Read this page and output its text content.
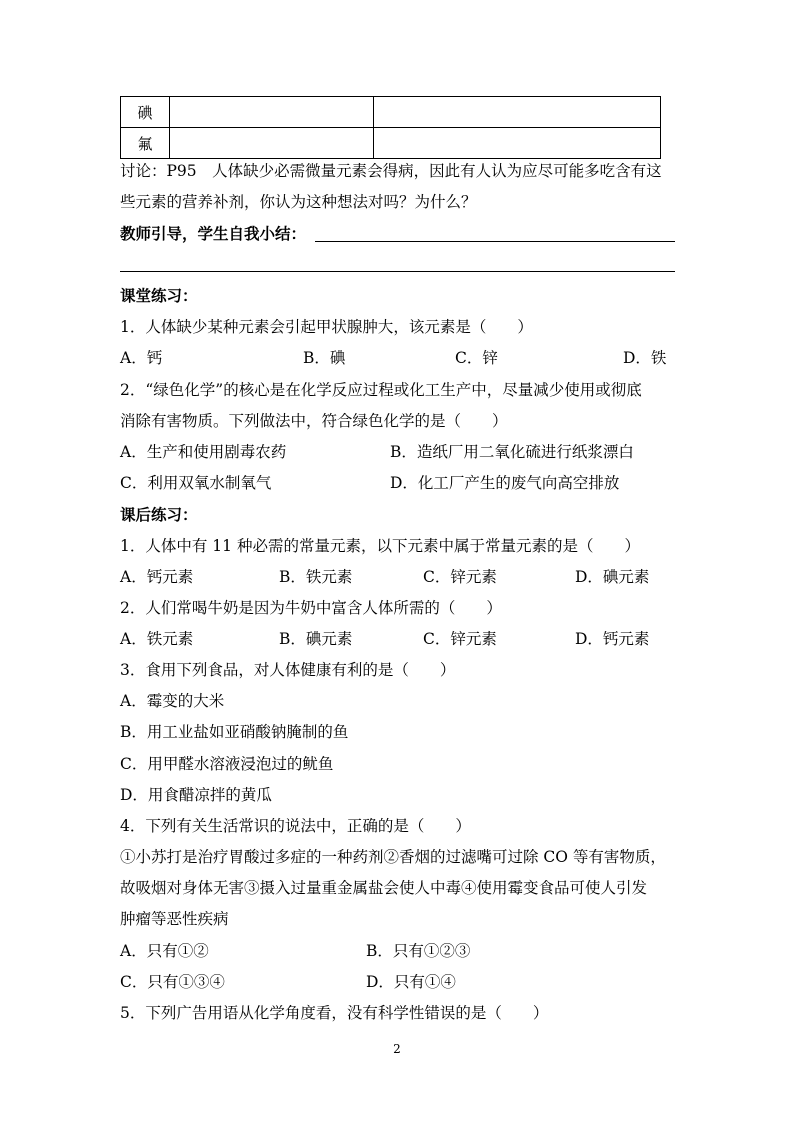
碘		
氟		
讨论：P95　人体缺少必需微量元素会得病，因此有人认为应尽可能多吃含有这
些元素的营养补剂，你认为这种想法对吗？为什么？
教师引导，学生自我小结：
课堂练习：
1．人体缺少某种元素会引起甲状腺肿大，该元素是（　　）
A．钙	B．碘	C．锌	D．铁
2．“绿色化学”的核心是在化学反应过程或化工生产中，尽量减少使用或彻底
消除有害物质。下列做法中，符合绿色化学的是（　　）
A．生产和使用剧毒农药	B．造纸厂用二氧化硫进行纸浆漂白
C．利用双氧水制氧气	D．化工厂产生的废气向高空排放
课后练习：
1．人体中有 11 种必需的常量元素，以下元素中属于常量元素的是（　　）
A．钙元素	B．铁元素	C．锌元素	D．碘元素
2．人们常喝牛奶是因为牛奶中富含人体所需的（　　）
A．铁元素	B．碘元素	C．锌元素	D．钙元素
3．食用下列食品，对人体健康有利的是（　　）
A．霉变的大米
B．用工业盐如亚硝酸钠腌制的鱼
C．用甲醛水溶液浸泡过的鱿鱼
D．用食醋凉拌的黄瓜
4．下列有关生活常识的说法中，正确的是（　　）
①小苏打是治疗胃酸过多症的一种药剂②香烟的过滤嘴可过除 CO 等有害物质，
故吸烟对身体无害③摄入过量重金属盐会使人中毒④使用霉变食品可使人引发
肿瘤等恶性疾病
A．只有①②	B．只有①②③
C．只有①③④	D．只有①④
5．下列广告用语从化学角度看，没有科学性错误的是（　　）
2
